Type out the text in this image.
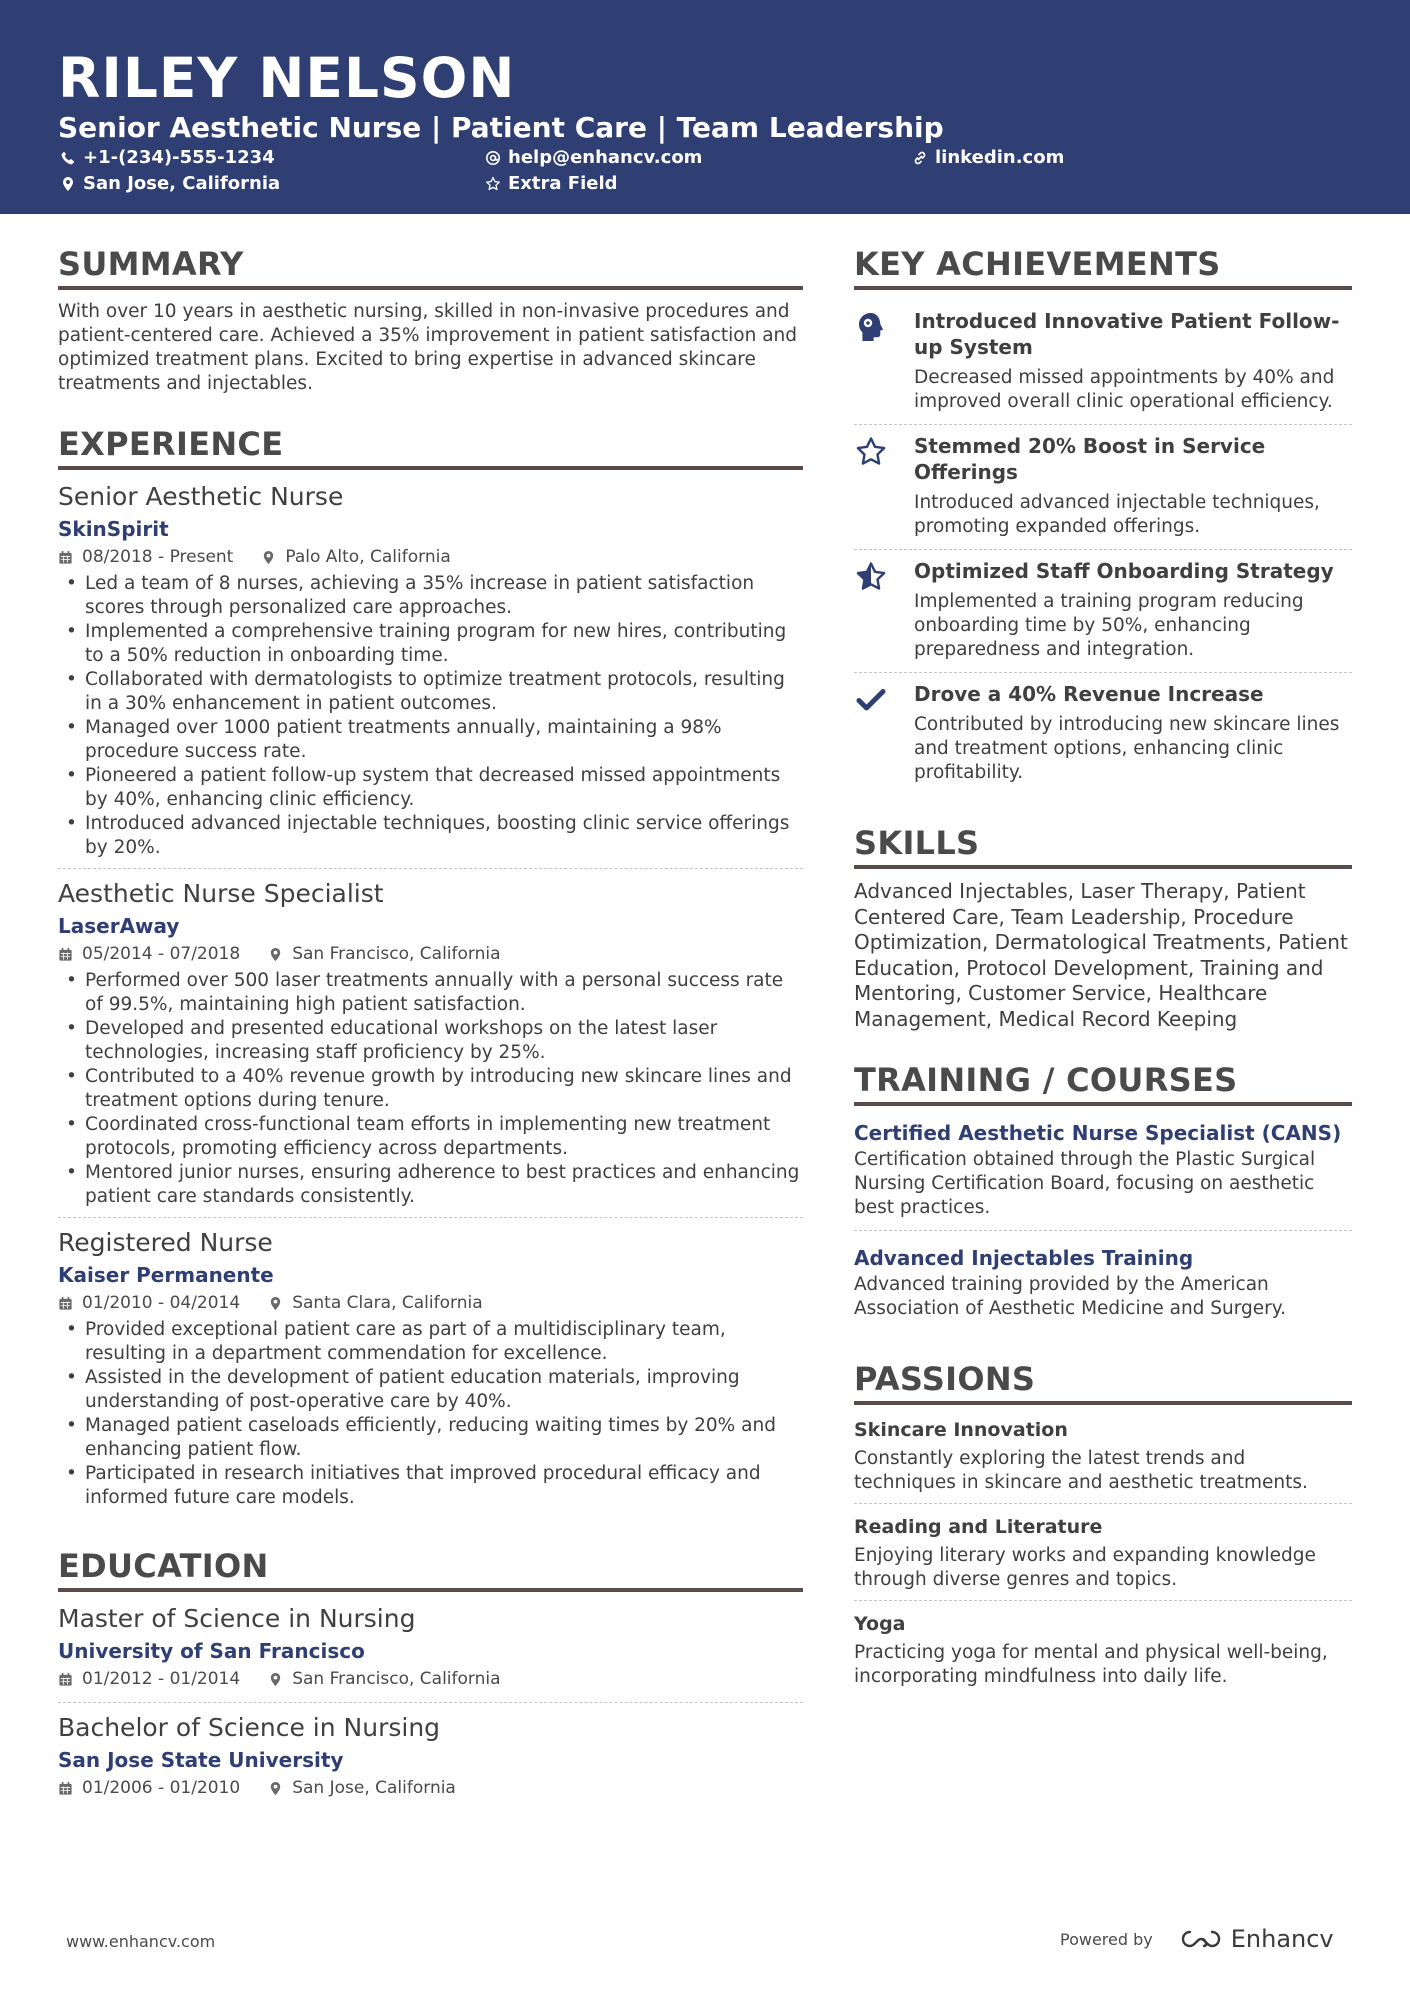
RILEY NELSON
Senior Aesthetic Nurse | Patient Care | Team Leadership
+1-(234)-555-1234	help@enhancv.com	linkedin.com
San Jose, California	Extra Field
SUMMARY

With over 10 years in aesthetic nursing, skilled in non-invasive procedures and patient-centered care. Achieved a 35% improvement in patient satisfaction and optimized treatment plans. Excited to bring expertise in advanced skincare treatments and injectables.

EXPERIENCE
Senior Aesthetic Nurse
SkinSpirit
08/2018 - Present	Palo Alto, California
• Led a team of 8 nurses, achieving a 35% increase in patient satisfaction scores through personalized care approaches.
• Implemented a comprehensive training program for new hires, contributing to a 50% reduction in onboarding time.
• Collaborated with dermatologists to optimize treatment protocols, resulting in a 30% enhancement in patient outcomes.
• Managed over 1000 patient treatments annually, maintaining a 98% procedure success rate.
• Pioneered a patient follow-up system that decreased missed appointments by 40%, enhancing clinic efficiency.
• Introduced advanced injectable techniques, boosting clinic service offerings by 20%.
Aesthetic Nurse Specialist
LaserAway
05/2014 - 07/2018	San Francisco, California
• Performed over 500 laser treatments annually with a personal success rate of 99.5%, maintaining high patient satisfaction.
• Developed and presented educational workshops on the latest laser technologies, increasing staff proficiency by 25%.
• Contributed to a 40% revenue growth by introducing new skincare lines and treatment options during tenure.
• Coordinated cross-functional team efforts in implementing new treatment protocols, promoting efficiency across departments.
• Mentored junior nurses, ensuring adherence to best practices and enhancing patient care standards consistently.
Registered Nurse
Kaiser Permanente
01/2010 - 04/2014	Santa Clara, California
• Provided exceptional patient care as part of a multidisciplinary team, resulting in a department commendation for excellence.
• Assisted in the development of patient education materials, improving understanding of post-operative care by 40%.
• Managed patient caseloads efficiently, reducing waiting times by 20% and enhancing patient flow.
• Participated in research initiatives that improved procedural efficacy and informed future care models.
EDUCATION
Master of Science in Nursing
University of San Francisco
01/2012 - 01/2014	San Francisco, California
Bachelor of Science in Nursing
San Jose State University
01/2006 - 01/2010	San Jose, California
KEY ACHIEVEMENTS
Introduced Innovative Patient Follow-up System
Decreased missed appointments by 40% and improved overall clinic operational efficiency.
Stemmed 20% Boost in Service Offerings
Introduced advanced injectable techniques, promoting expanded offerings.
Optimized Staff Onboarding Strategy
Implemented a training program reducing onboarding time by 50%, enhancing preparedness and integration.
Drove a 40% Revenue Increase
Contributed by introducing new skincare lines and treatment options, enhancing clinic profitability.
SKILLS

Advanced Injectables, Laser Therapy, Patient Centered Care, Team Leadership, Procedure Optimization, Dermatological Treatments, Patient Education, Protocol Development, Training and Mentoring, Customer Service, Healthcare Management, Medical Record Keeping

TRAINING / COURSES
Certified Aesthetic Nurse Specialist (CANS)
Certification obtained through the Plastic Surgical Nursing Certification Board, focusing on aesthetic best practices.
Advanced Injectables Training
Advanced training provided by the American Association of Aesthetic Medicine and Surgery.
PASSIONS
Skincare Innovation
Constantly exploring the latest trends and techniques in skincare and aesthetic treatments.
Reading and Literature
Enjoying literary works and expanding knowledge through diverse genres and topics.
Yoga
Practicing yoga for mental and physical well-being, incorporating mindfulness into daily life.
www.enhancv.com	Powered by	Enhancv
